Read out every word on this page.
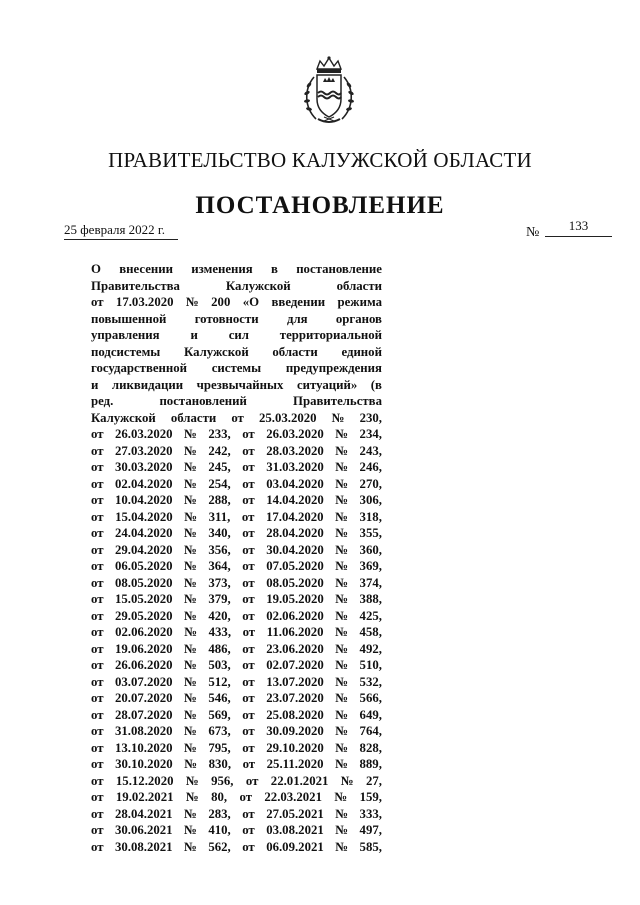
ПРАВИТЕЛЬСТВО КАЛУЖСКОЙ ОБЛАСТИ
ПОСТАНОВЛЕНИЕ
25 февраля 2022 г.	№	133
О внесении изменения в постановление
Правительства	Калужской	области
от 17.03.2020 № 200 «О введении режима
повышенной готовности для органов
управления и сил территориальной
подсистемы Калужской области единой
государственной системы предупреждения
и ликвидации чрезвычайных ситуаций» (в
ред.	постановлений	Правительства
Калужской области от 25.03.2020 № 230,
от 26.03.2020 № 233, от 26.03.2020 № 234,
от 27.03.2020 № 242, от 28.03.2020 № 243,
от 30.03.2020 № 245, от 31.03.2020 № 246,
от 02.04.2020 № 254, от 03.04.2020 № 270,
от 10.04.2020 № 288, от 14.04.2020 № 306,
от 15.04.2020 № 311, от 17.04.2020 № 318,
от 24.04.2020 № 340, от 28.04.2020 № 355,
от 29.04.2020 № 356, от 30.04.2020 № 360,
от 06.05.2020 № 364, от 07.05.2020 № 369,
от 08.05.2020 № 373, от 08.05.2020 № 374,
от 15.05.2020 № 379, от 19.05.2020 № 388,
от 29.05.2020 № 420, от 02.06.2020 № 425,
от 02.06.2020 № 433, от 11.06.2020 № 458,
от 19.06.2020 № 486, от 23.06.2020 № 492,
от 26.06.2020 № 503, от 02.07.2020 № 510,
от 03.07.2020 № 512, от 13.07.2020 № 532,
от 20.07.2020 № 546, от 23.07.2020 № 566,
от 28.07.2020 № 569, от 25.08.2020 № 649,
от 31.08.2020 № 673, от 30.09.2020 № 764,
от 13.10.2020 № 795, от 29.10.2020 № 828,
от 30.10.2020 № 830, от 25.11.2020 № 889,
от 15.12.2020 № 956, от 22.01.2021 № 27,
от 19.02.2021 № 80, от 22.03.2021 № 159,
от 28.04.2021 № 283, от 27.05.2021 № 333,
от 30.06.2021 № 410, от 03.08.2021 № 497,
от 30.08.2021 № 562, от 06.09.2021 № 585,
